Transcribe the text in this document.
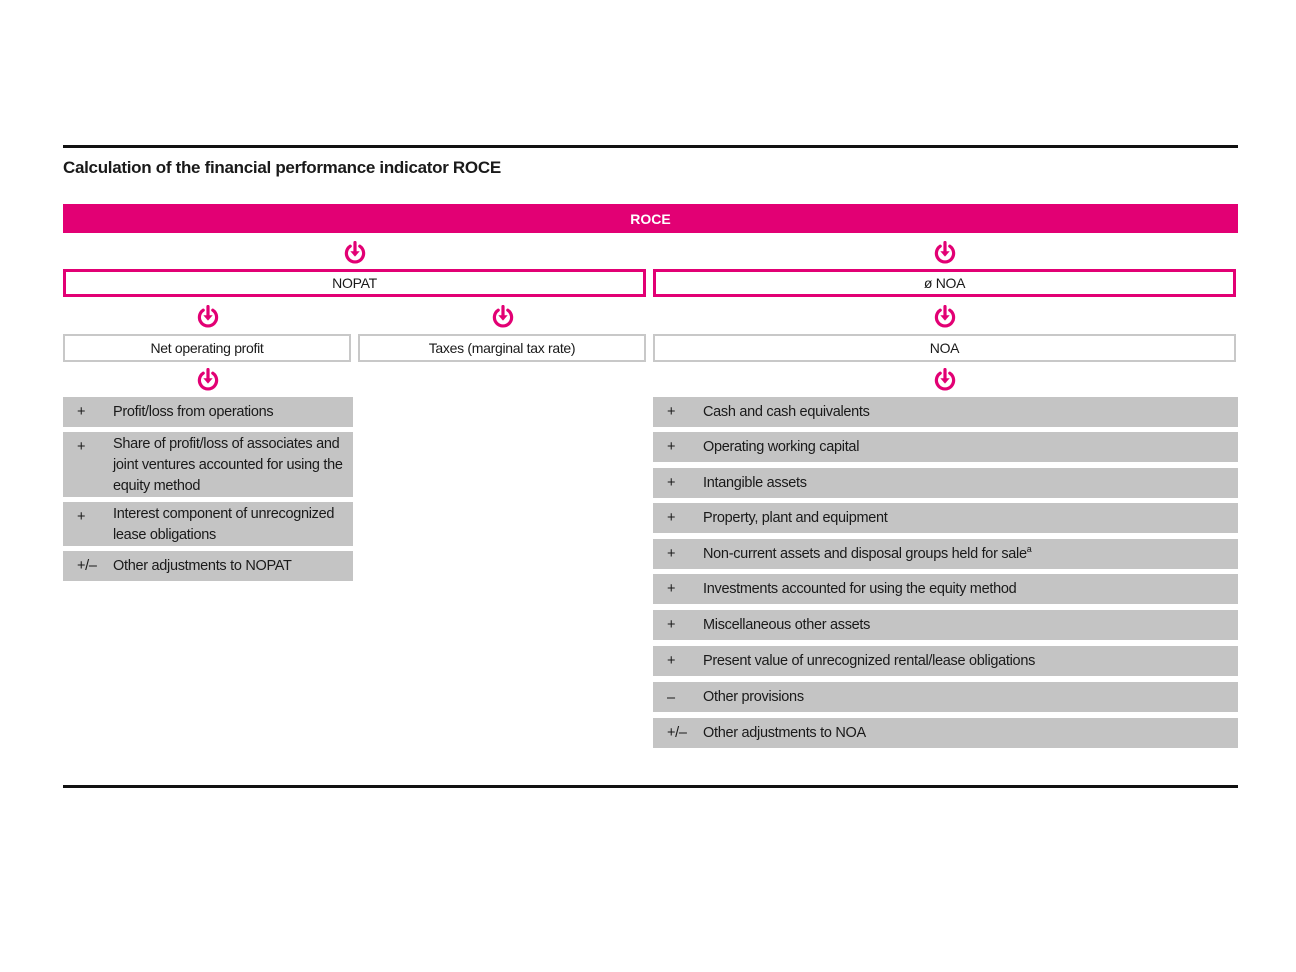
Calculation of the financial performance indicator ROCE
ROCE
NOPAT	ø NOA
Net operating profit	Taxes (marginal tax rate)	NOA
+ Profit/loss from operations
+ Share of profit/loss of associates and joint ventures accounted for using the equity method
+ Interest component of unrecognized lease obligations
+/– Other adjustments to NOPAT
+ Cash and cash equivalents
+ Operating working capital
+ Intangible assets
+ Property, plant and equipment
+ Non-current assets and disposal groups held for sale$^a$
+ Investments accounted for using the equity method
+ Miscellaneous other assets
+ Present value of unrecognized rental/lease obligations
– Other provisions
+/– Other adjustments to NOA
